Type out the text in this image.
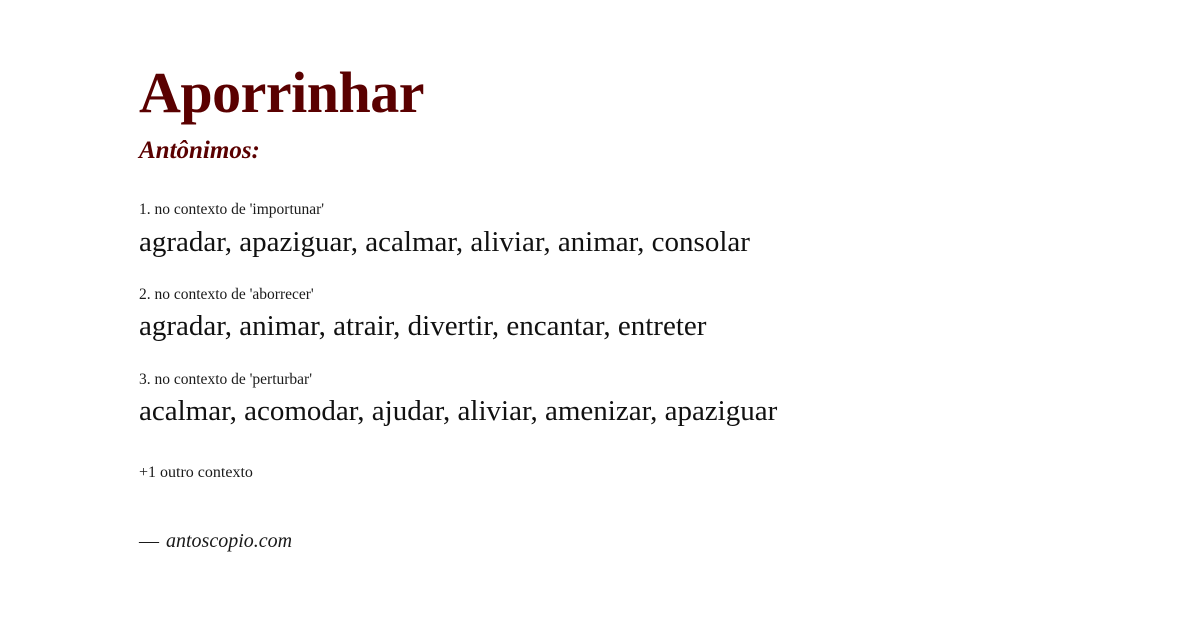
Aporrinhar
Antônimos:

1. no contexto de 'importunar'

agradar, apaziguar, acalmar, aliviar, animar, consolar

2. no contexto de 'aborrecer'

agradar, animar, atrair, divertir, encantar, entreter

3. no contexto de 'perturbar'

acalmar, acomodar, ajudar, aliviar, amenizar, apaziguar

+1 outro contexto

— antoscopio.com
